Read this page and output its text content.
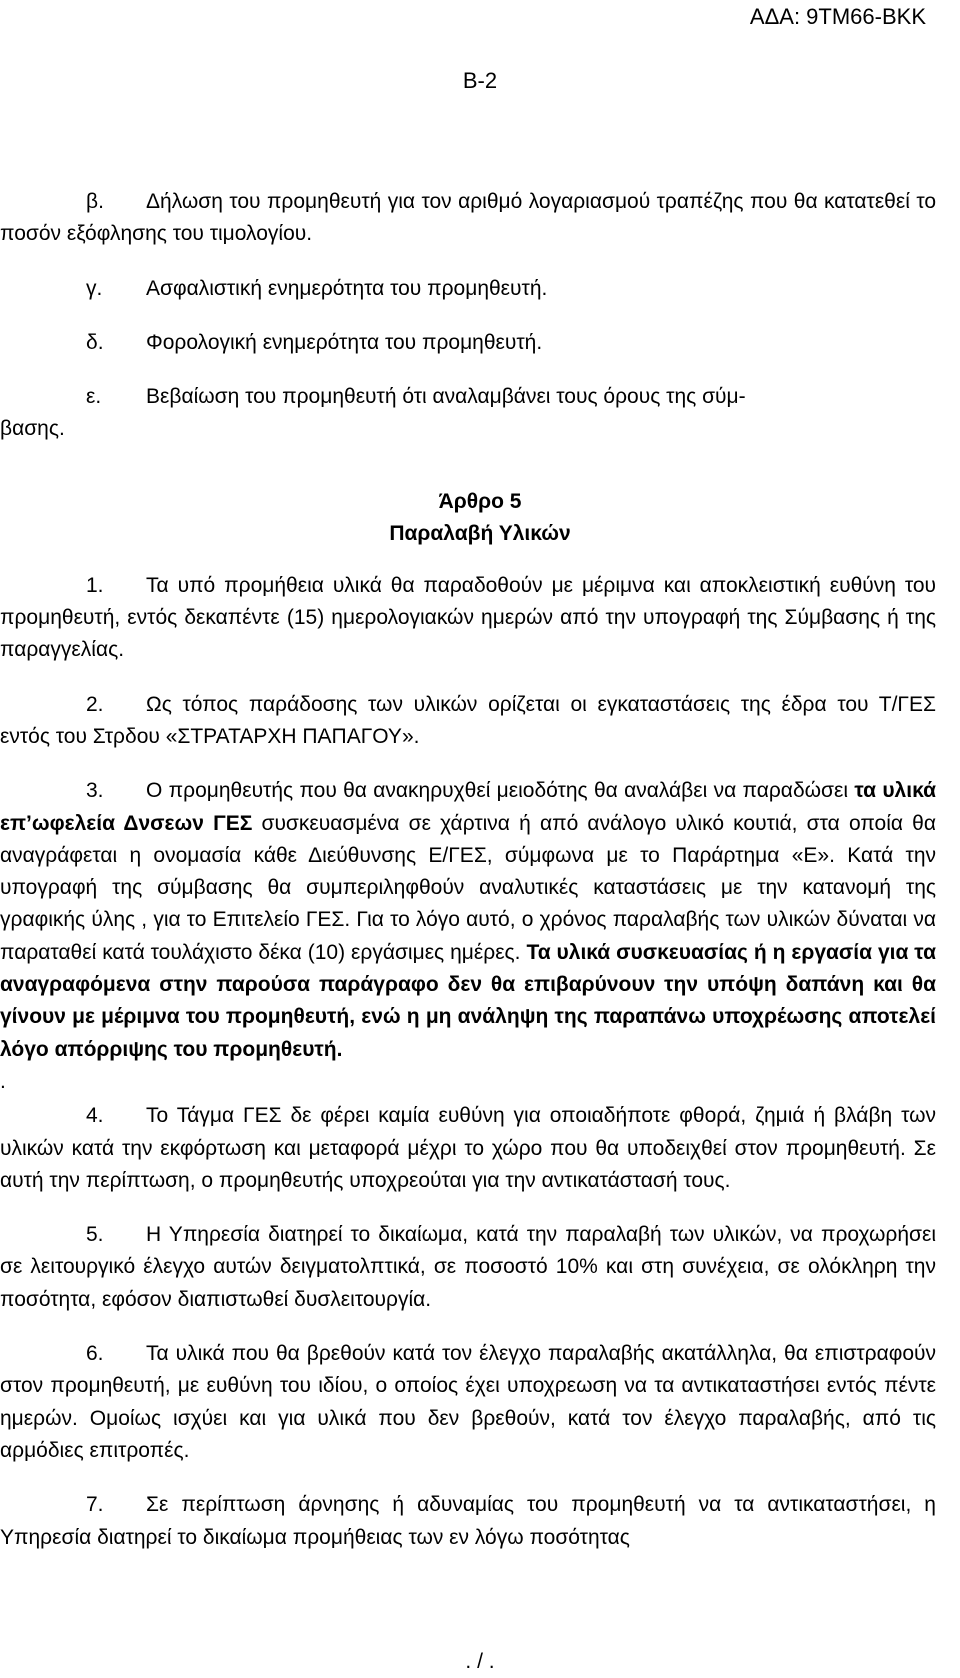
ΑΔΑ: 9ΤΜ66-ΒΚΚ
Β-2

β. Δήλωση του προμηθευτή για τον αριθμό λογαριασμού τραπέζης που θα κατατεθεί το ποσόν εξόφλησης του τιμολογίου.

γ. Ασφαλιστική ενημερότητα του προμηθευτή.

δ. Φορολογική ενημερότητα του προμηθευτή.

ε. Βεβαίωση του προμηθευτή ότι αναλαμβάνει τους όρους της σύμ-
βασης.

Άρθρο 5

Παραλαβή Υλικών

1. Τα υπό προμήθεια υλικά θα παραδοθούν με μέριμνα και αποκλειστική ευθύνη του προμηθευτή, εντός δεκαπέντε (15) ημερολογιακών ημερών από την υπογραφή της Σύμβασης ή της παραγγελίας.

2. Ως τόπος παράδοσης των υλικών ορίζεται οι εγκαταστάσεις της έδρα του Τ/ΓΕΣ εντός του Στρδου «ΣΤΡΑΤΑΡΧΗ ΠΑΠΑΓΟΥ».

3. Ο προμηθευτής που θα ανακηρυχθεί μειοδότης θα αναλάβει να παραδώσει τα υλικά επ’ωφελεία Δνσεων ΓΕΣ συσκευασμένα σε χάρτινα ή από ανάλογο υλικό κουτιά, στα οποία θα αναγράφεται η ονομασία κάθε Διεύθυνσης Ε/ΓΕΣ, σύμφωνα με το Παράρτημα «Ε». Κατά την υπογραφή της σύμβασης θα συμπεριληφθούν αναλυτικές καταστάσεις με την κατανομή της γραφικής ύλης , για το Επιτελείο ΓΕΣ. Για το λόγο αυτό, ο χρόνος παραλαβής των υλικών δύναται να παραταθεί κατά τουλάχιστο δέκα (10) εργάσιμες ημέρες. Τα υλικά συσκευασίας ή η εργασία για τα αναγραφόμενα στην παρούσα παράγραφο δεν θα επιβαρύνουν την υπόψη δαπάνη και θα γίνουν με μέριμνα του προμηθευτή, ενώ η μη ανάληψη της παραπάνω υποχρέωσης αποτελεί λόγο απόρριψης του προμηθευτή.

.

4. Το Τάγμα ΓΕΣ δε φέρει καμία ευθύνη για οποιαδήποτε φθορά, ζημιά ή βλάβη των υλικών κατά την εκφόρτωση και μεταφορά μέχρι το χώρο που θα υποδειχθεί στον προμηθευτή. Σε αυτή την περίπτωση, ο προμηθευτής υποχρεούται για την αντικατάστασή τους.

5. Η Υπηρεσία διατηρεί το δικαίωμα, κατά την παραλαβή των υλικών, να προχωρήσει σε λειτουργικό έλεγχο αυτών δειγματολπτικά, σε ποσοστό 10% και στη συνέχεια, σε ολόκληρη την ποσότητα, εφόσον διαπιστωθεί δυσλειτουργία.

6. Τα υλικά που θα βρεθούν κατά τον έλεγχο παραλαβής ακατάλληλα, θα επιστραφούν στον προμηθευτή, με ευθύνη του ιδίου, ο οποίος έχει υποχρεωση να τα αντικαταστήσει εντός πέντε ημερών. Ομοίως ισχύει και για υλικά που δεν βρεθούν, κατά τον έλεγχο παραλαβής, από τις αρμόδιες επιτροπές.

7. Σε περίπτωση άρνησης ή αδυναμίας του προμηθευτή να τα αντικαταστήσει, η Υπηρεσία διατηρεί το δικαίωμα προμήθειας των εν λόγω ποσότητας

. / .
